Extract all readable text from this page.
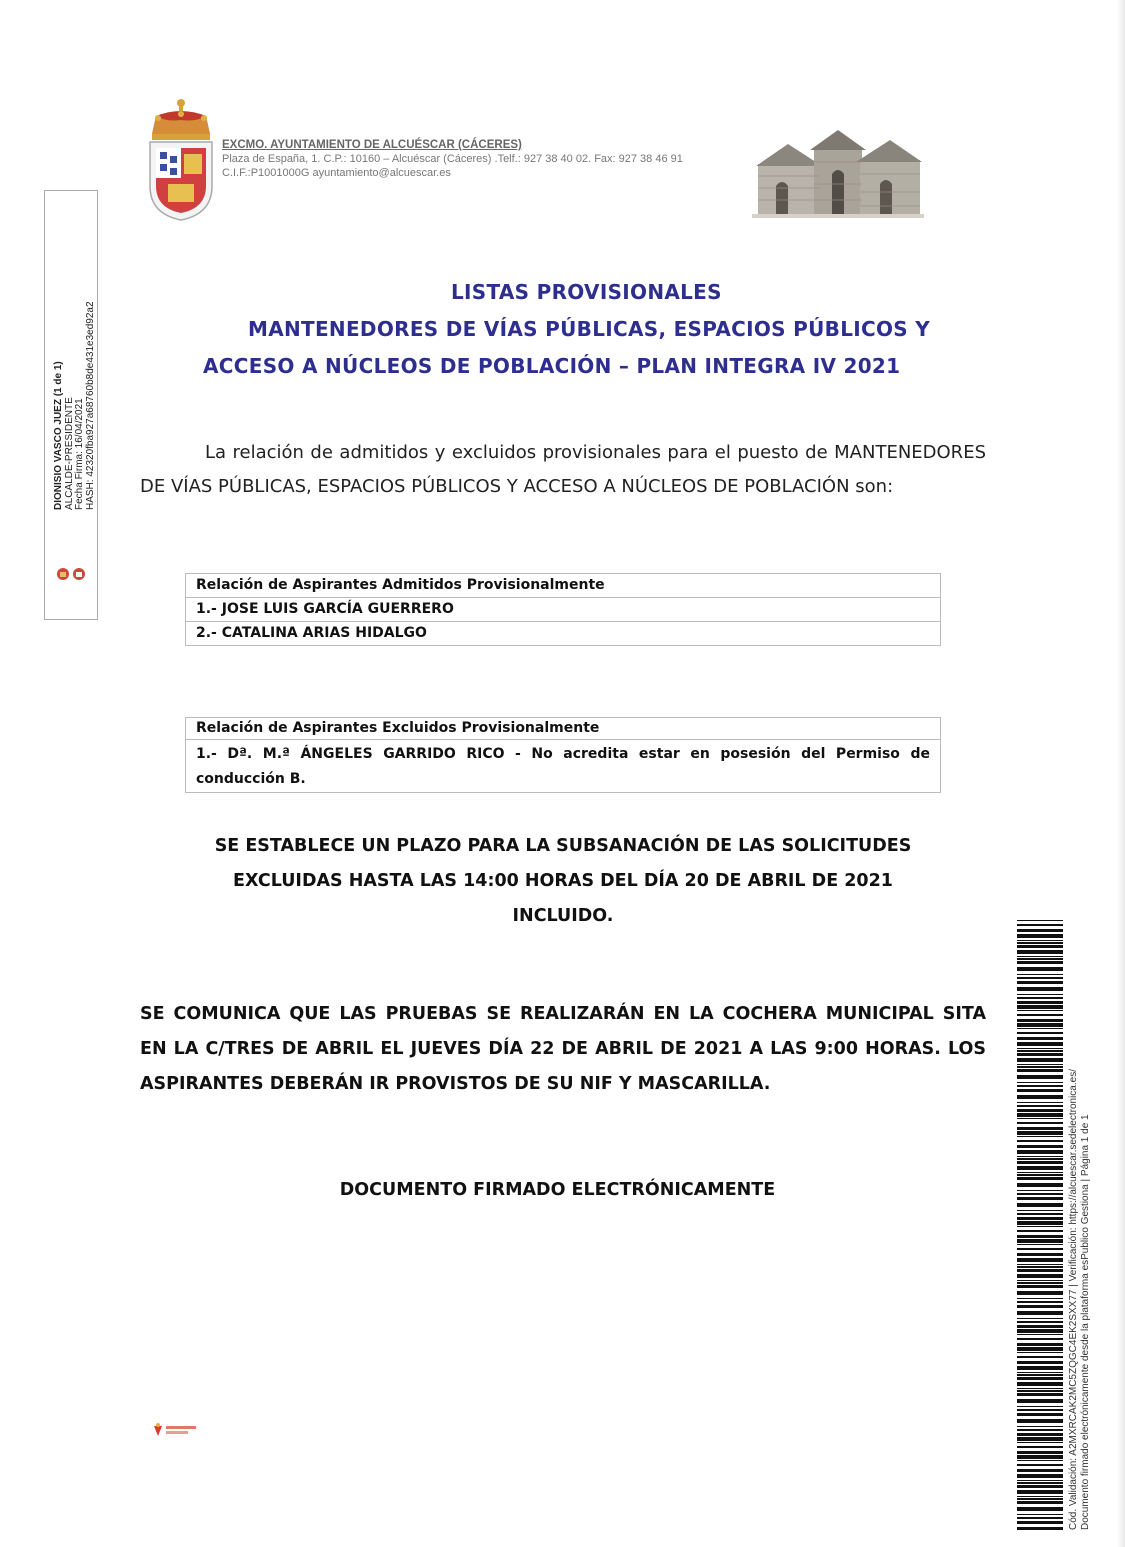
EXCMO. AYUNTAMIENTO DE ALCUÉSCAR (CÁCERES)
Plaza de España, 1. C.P.: 10160 – Alcuéscar (Cáceres) .Telf.: 927 38 40 02. Fax: 927 38 46 91
C.I.F.:P1001000G ayuntamiento@alcuescar.es
DIONISIO VASCO JUEZ (1 de 1) ALCALDE-PRESIDENTE Fecha Firma: 16/04/2021 HASH: 42320fba927a68760b8de431e3ed92a2
LISTAS PROVISIONALES
MANTENEDORES DE VÍAS PÚBLICAS, ESPACIOS PÚBLICOS Y
ACCESO A NÚCLEOS DE POBLACIÓN – PLAN INTEGRA IV 2021
La relación de admitidos y excluidos provisionales para el puesto de MANTENEDORES DE VÍAS PÚBLICAS, ESPACIOS PÚBLICOS Y ACCESO A NÚCLEOS DE POBLACIÓN son:
Relación de Aspirantes Admitidos Provisionalmente
1.- JOSE LUIS GARCÍA GUERRERO
2.- CATALINA ARIAS HIDALGO
Relación de Aspirantes Excluidos Provisionalmente
1.- Dª. M.ª ÁNGELES GARRIDO RICO - No acredita estar en posesión del Permiso de conducción B.
SE ESTABLECE UN PLAZO PARA LA SUBSANACIÓN DE LAS SOLICITUDES
EXCLUIDAS HASTA LAS 14:00 HORAS DEL DÍA 20 DE ABRIL DE 2021
INCLUIDO.
SE COMUNICA QUE LAS PRUEBAS SE REALIZARÁN EN LA COCHERA MUNICIPAL SITA EN LA C/TRES DE ABRIL EL JUEVES DÍA 22 DE ABRIL DE 2021 A LAS 9:00 HORAS. LOS ASPIRANTES DEBERÁN IR PROVISTOS DE SU NIF Y MASCARILLA.
DOCUMENTO FIRMADO ELECTRÓNICAMENTE	Cód. Validación: A2MXRCAK2MC5ZQGC4EK2SXX77 | Verificación: https://alcuescar.sedelectronica.es/ Documento firmado electrónicamente desde la plataforma esPublico Gestiona | Página 1 de 1
